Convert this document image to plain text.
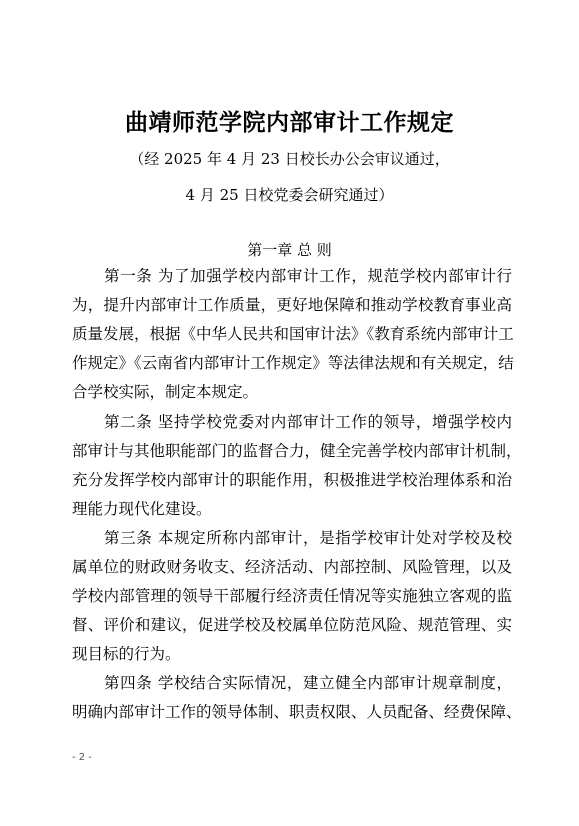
曲靖师范学院内部审计工作规定
（经 2025 年 4 月 23 日校长办公会审议通过，
4 月 25 日校党委会研究通过）
第一章 总 则
第一条 为了加强学校内部审计工作，规范学校内部审计行
为，提升内部审计工作质量，更好地保障和推动学校教育事业高
质量发展，根据《中华人民共和国审计法》《教育系统内部审计工
作规定》《云南省内部审计工作规定》等法律法规和有关规定，结
合学校实际，制定本规定。
第二条 坚持学校党委对内部审计工作的领导，增强学校内
部审计与其他职能部门的监督合力，健全完善学校内部审计机制，
充分发挥学校内部审计的职能作用，积极推进学校治理体系和治
理能力现代化建设。
第三条 本规定所称内部审计，是指学校审计处对学校及校
属单位的财政财务收支、经济活动、内部控制、风险管理，以及
学校内部管理的领导干部履行经济责任情况等实施独立客观的监
督、评价和建议，促进学校及校属单位防范风险、规范管理、实
现目标的行为。
第四条 学校结合实际情况，建立健全内部审计规章制度，
明确内部审计工作的领导体制、职责权限、人员配备、经费保障、
- 2 -
